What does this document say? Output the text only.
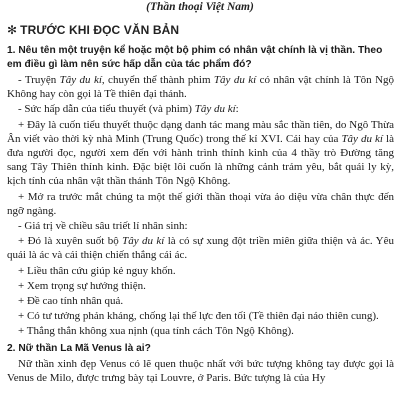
(Thần thoại Việt Nam)
✻ TRƯỚC KHI ĐỌC VĂN BẢN
1. Nêu tên một truyện kể hoặc một bộ phim có nhân vật chính là vị thần. Theo em điều gì làm nên sức hấp dẫn của tác phẩm đó?
- Truyện Tây du kí, chuyển thể thành phim Tây du kí có nhân vật chính là Tôn Ngộ Không hay còn gọi là Tề thiên đại thánh.
- Sức hấp dẫn của tiểu thuyết (và phim) Tây du kí:
+ Đây là cuốn tiểu thuyết thuộc dạng danh tác mang màu sắc thần tiên, do Ngô Thừa Ân viết vào thời kỳ nhà Minh (Trung Quốc) trong thế kỉ XVI. Cái hay của Tây du kí là đưa người đọc, người xem đến với hành trình thỉnh kinh của 4 thầy trò Đường tăng sang Tây Thiên thỉnh kinh. Đặc biệt lôi cuốn là những cảnh trảm yêu, bắt quái ly kỳ, kịch tính của nhân vật thần thánh Tôn Ngộ Không.
+ Mở ra trước mắt chúng ta một thế giới thần thoại vừa ảo diệu vừa chân thực đến ngỡ ngàng.
- Giá trị về chiều sâu triết lí nhân sinh:
+ Đó là xuyên suốt bộ Tây du kí là có sự xung đột triền miên giữa thiện và ác. Yêu quái là ác và cái thiện chiến thắng cái ác.
+ Liều thân cứu giúp kẻ nguy khốn.
+ Xem trọng sự hướng thiện.
+ Đề cao tính nhân quả.
+ Có tư tưởng phản kháng, chống lại thế lực đen tối (Tề thiên đại náo thiên cung).
+ Thắng thắn không xua nịnh (qua tính cách Tôn Ngộ Không).
2. Nữ thần La Mã Venus là ai?
Nữ thần xinh đẹp Venus có lẽ quen thuộc nhất với bức tượng không tay được gọi là Venus de Milo, được trưng bày tại Louvre, ở Paris. Bức tượng là của Hy
